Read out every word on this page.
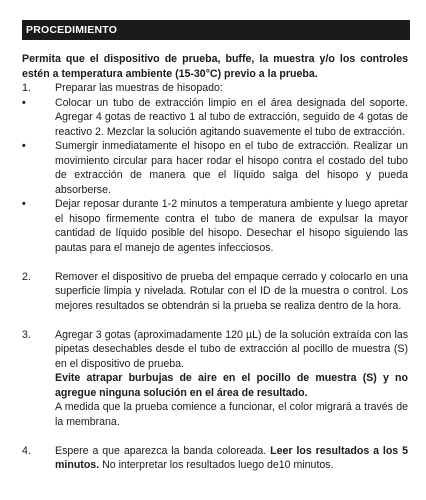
PROCEDIMIENTO
Permita que el dispositivo de prueba, buffe, la muestra y/o los controles estén a temperatura ambiente (15-30°C) previo a la prueba.
1. Preparar las muestras de hisopado:
•	Colocar un tubo de extracción limpio en el área designada del soporte. Agregar 4 gotas de reactivo 1 al tubo de extracción, seguido de 4 gotas de reactivo 2. Mezclar la solución agitando suavemente el tubo de extracción.
•	Sumergir inmediatamente el hisopo en el tubo de extracción. Realizar un movimiento circular para hacer rodar el hisopo contra el costado del tubo de extracción de manera que el líquido salga del hisopo y pueda absorberse.
•	Dejar reposar durante 1-2 minutos a temperatura ambiente y luego apretar el hisopo firmemente contra el tubo de manera de expulsar la mayor cantidad de líquido posible del hisopo. Desechar el hisopo siguiendo las pautas para el manejo de agentes infecciosos.
2. Remover el dispositivo de prueba del empaque cerrado y colocarlo en una superficie limpia y nivelada. Rotular con el ID de la muestra o control. Los mejores resultados se obtendrán si la prueba se realiza dentro de la hora.
3. Agregar 3 gotas (aproximadamente 120 µL) de la solución extraída con las pipetas desechables desde el tubo de extracción al pocillo de muestra (S) en el dispositivo de prueba.
Evite atrapar burbujas de aire en el pocillo de muestra (S) y no agregue ninguna solución en el área de resultado.
A medida que la prueba comience a funcionar, el color migrará a través de la membrana.
4. Espere a que aparezca la banda coloreada. Leer los resultados a los 5 minutos. No interpretar los resultados luego de10 minutos.
